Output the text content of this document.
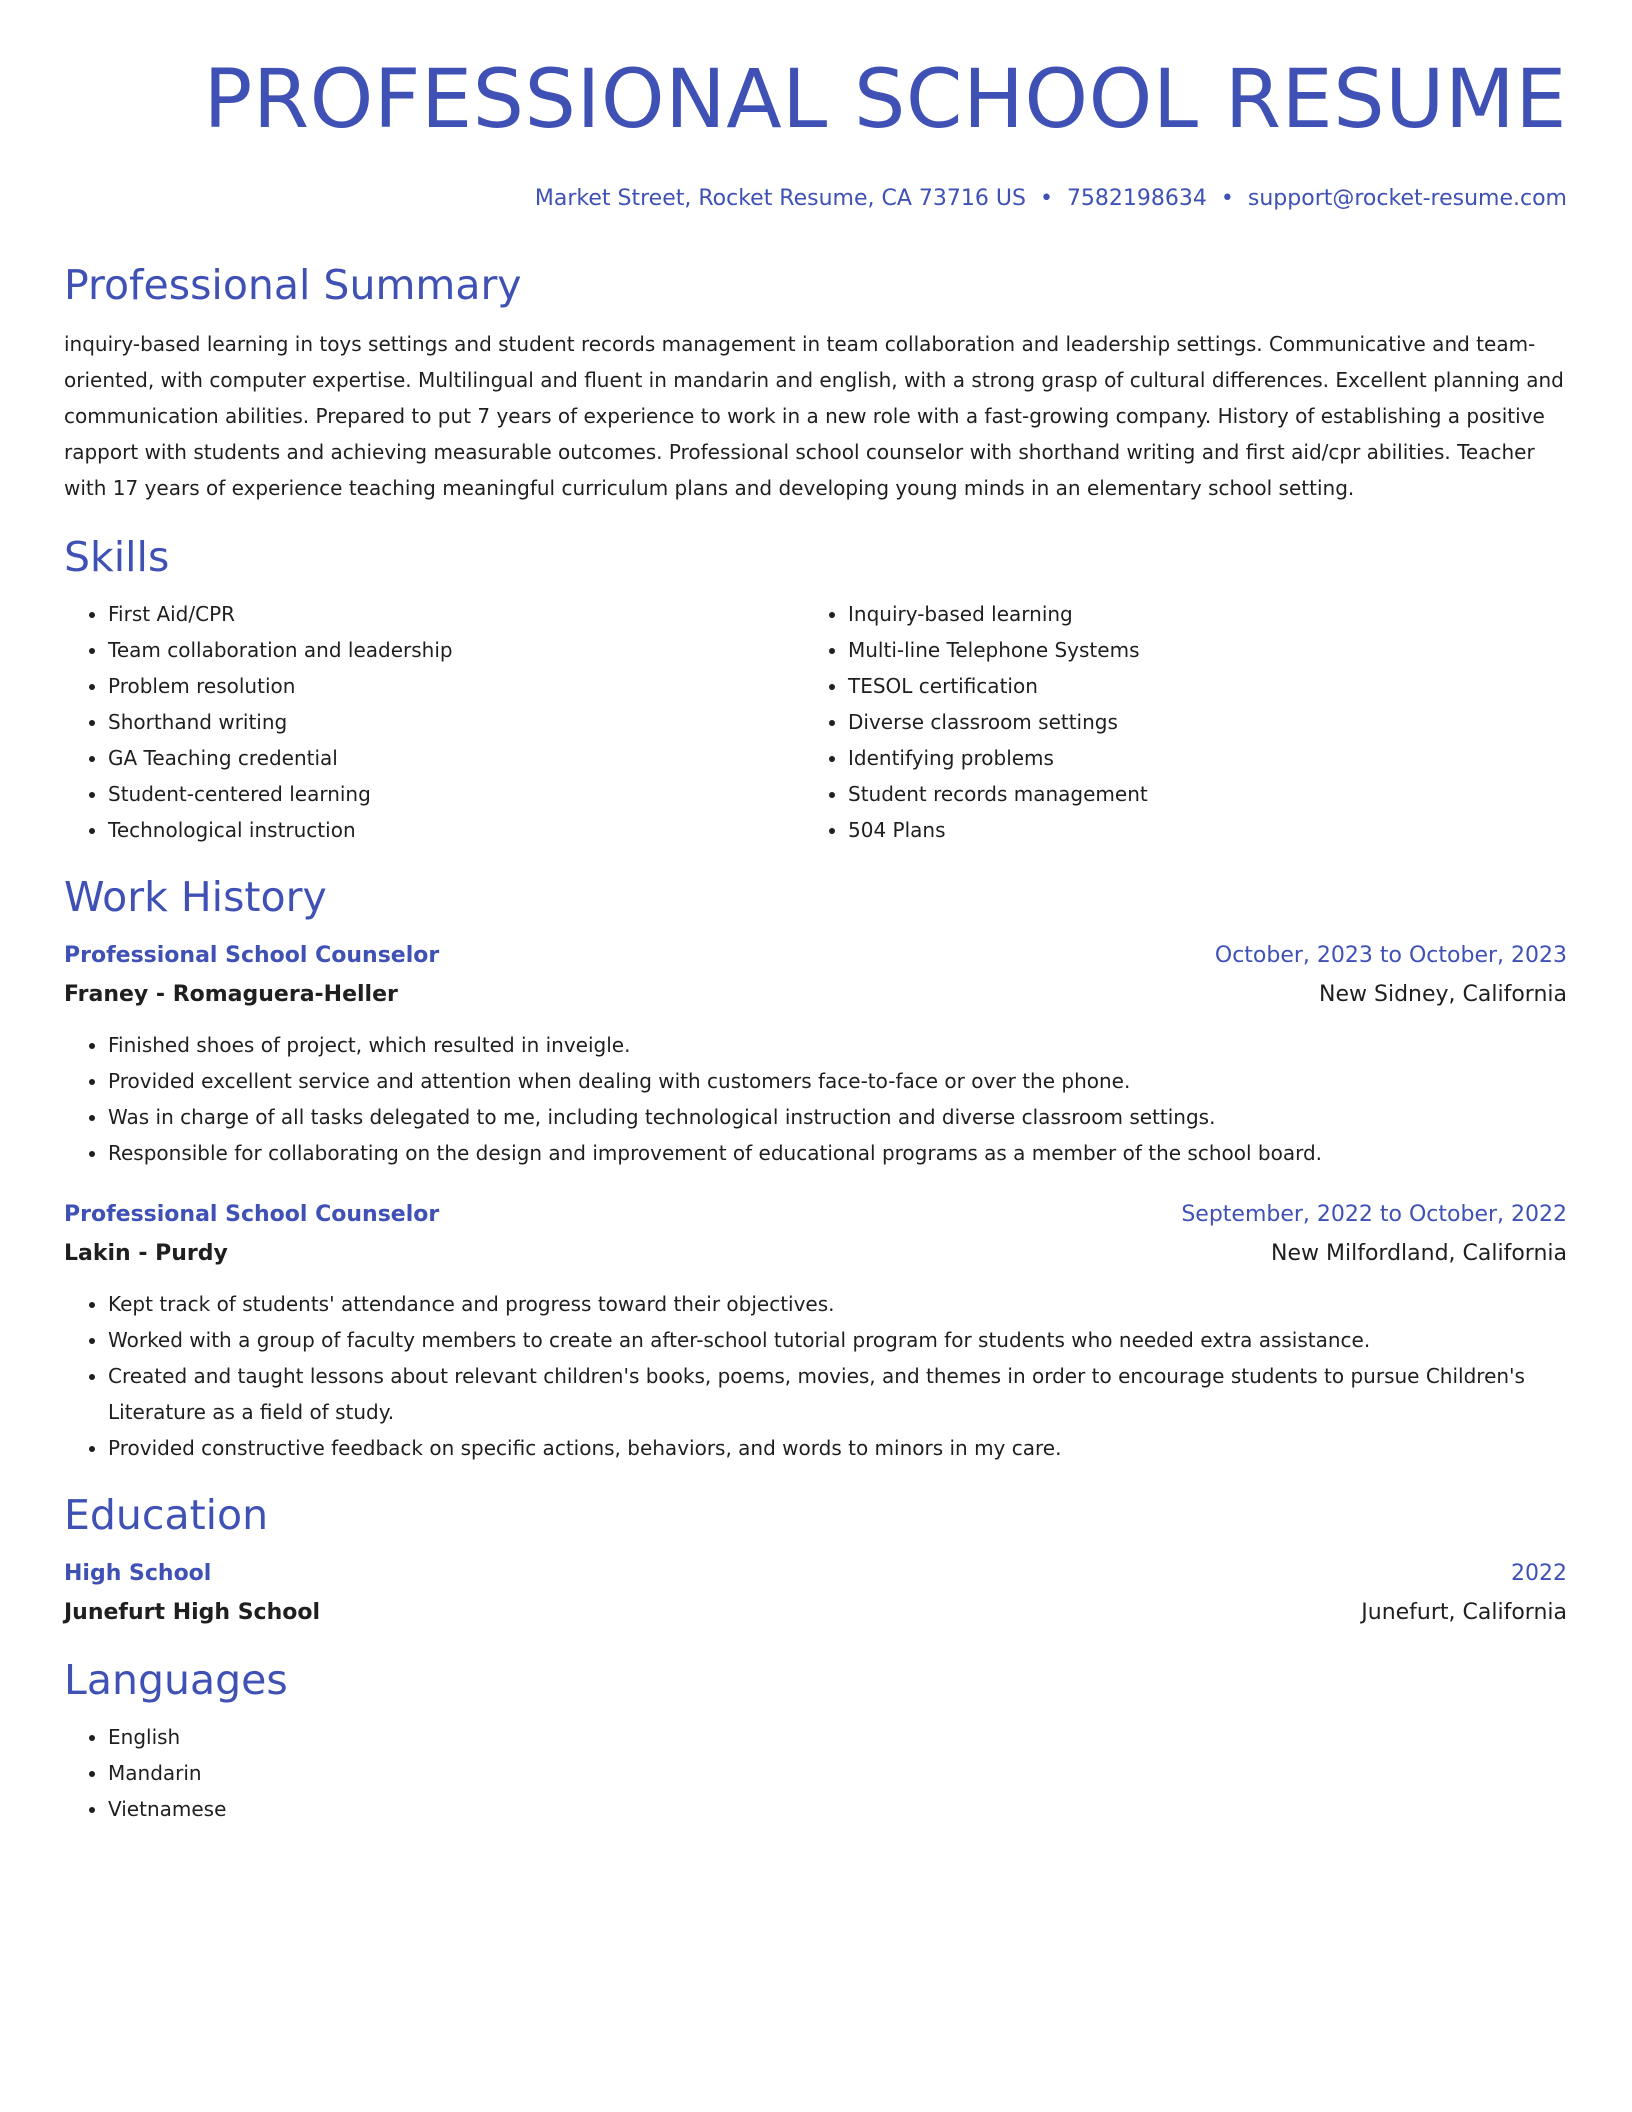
PROFESSIONAL SCHOOL RESUME
Market Street, Rocket Resume, CA 73716 US • 7582198634 • support@rocket-resume.com
Professional Summary
inquiry-based learning in toys settings and student records management in team collaboration and leadership settings. Communicative and team-oriented, with computer expertise. Multilingual and fluent in mandarin and english, with a strong grasp of cultural differences. Excellent planning and communication abilities. Prepared to put 7 years of experience to work in a new role with a fast-growing company. History of establishing a positive rapport with students and achieving measurable outcomes. Professional school counselor with shorthand writing and first aid/cpr abilities. Teacher with 17 years of experience teaching meaningful curriculum plans and developing young minds in an elementary school setting.
Skills
• First Aid/CPR
• Team collaboration and leadership
• Problem resolution
• Shorthand writing
• GA Teaching credential
• Student-centered learning
• Technological instruction
• Inquiry-based learning
• Multi-line Telephone Systems
• TESOL certification
• Diverse classroom settings
• Identifying problems
• Student records management
• 504 Plans
Work History
Professional School Counselor	October, 2023 to October, 2023
Franey - Romaguera-Heller	New Sidney, California
• Finished shoes of project, which resulted in inveigle.
• Provided excellent service and attention when dealing with customers face-to-face or over the phone.
• Was in charge of all tasks delegated to me, including technological instruction and diverse classroom settings.
• Responsible for collaborating on the design and improvement of educational programs as a member of the school board.
Professional School Counselor	September, 2022 to October, 2022
Lakin - Purdy	New Milfordland, California
• Kept track of students' attendance and progress toward their objectives.
• Worked with a group of faculty members to create an after-school tutorial program for students who needed extra assistance.
• Created and taught lessons about relevant children's books, poems, movies, and themes in order to encourage students to pursue Children's Literature as a field of study.
• Provided constructive feedback on specific actions, behaviors, and words to minors in my care.
Education
High School	2022
Junefurt High School	Junefurt, California
Languages
• English
• Mandarin
• Vietnamese
